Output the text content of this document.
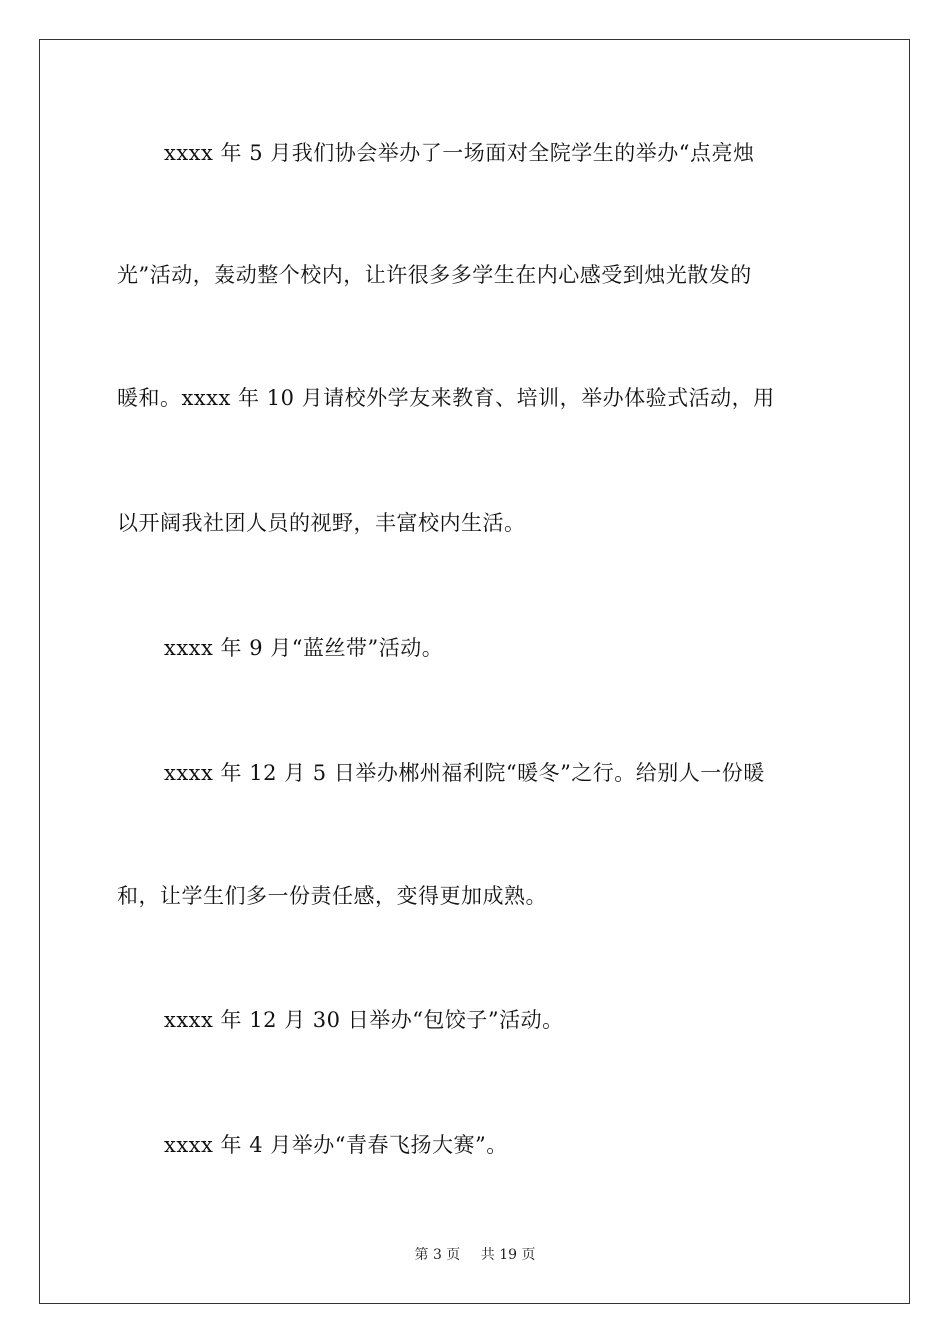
xxxx 年 5 月我们协会举办了一场面对全院学生的举办“点亮烛
光”活动，轰动整个校内，让许很多多学生在内心感受到烛光散发的
暖和。xxxx 年 10 月请校外学友来教育、培训，举办体验式活动，用
以开阔我社团人员的视野，丰富校内生活。
xxxx 年 9 月“蓝丝带”活动。
xxxx 年 12 月 5 日举办郴州福利院“暖冬”之行。给别人一份暖
和，让学生们多一份责任感，变得更加成熟。
xxxx 年 12 月 30 日举办“包饺子”活动。
xxxx 年 4 月举办“青春飞扬大赛”。
第 3 页 共 19 页
